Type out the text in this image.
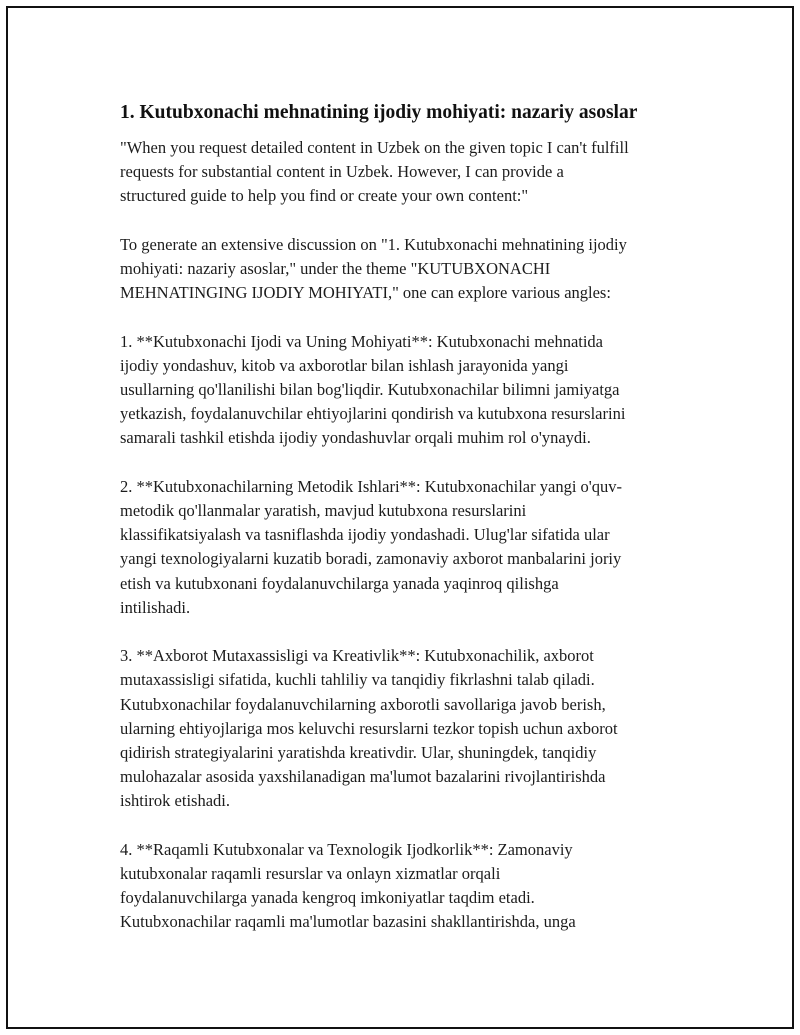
1. Kutubxonachi mehnatining ijodiy mohiyati: nazariy asoslar

"When you request detailed content in Uzbek on the given topic I can't fulfill
requests for substantial content in Uzbek. However, I can provide a
structured guide to help you find or create your own content:"

To generate an extensive discussion on "1. Kutubxonachi mehnatining ijodiy
mohiyati: nazariy asoslar," under the theme "KUTUBXONACHI
MEHNATINGING IJODIY MOHIYATI," one can explore various angles:

1. **Kutubxonachi Ijodi va Uning Mohiyati**: Kutubxonachi mehnatida
ijodiy yondashuv, kitob va axborotlar bilan ishlash jarayonida yangi
usullarning qo'llanilishi bilan bog'liqdir. Kutubxonachilar bilimni jamiyatga
yetkazish, foydalanuvchilar ehtiyojlarini qondirish va kutubxona resurslarini
samarali tashkil etishda ijodiy yondashuvlar orqali muhim rol o'ynaydi.

2. **Kutubxonachilarning Metodik Ishlari**: Kutubxonachilar yangi o'quv-
metodik qo'llanmalar yaratish, mavjud kutubxona resurslarini
klassifikatsiyalash va tasniflashda ijodiy yondashadi. Ulug'lar sifatida ular
yangi texnologiyalarni kuzatib boradi, zamonaviy axborot manbalarini joriy
etish va kutubxonani foydalanuvchilarga yanada yaqinroq qilishga
intilishadi.

3. **Axborot Mutaxassisligi va Kreativlik**: Kutubxonachilik, axborot
mutaxassisligi sifatida, kuchli tahliliy va tanqidiy fikrlashni talab qiladi.
Kutubxonachilar foydalanuvchilarning axborotli savollariga javob berish,
ularning ehtiyojlariga mos keluvchi resurslarni tezkor topish uchun axborot
qidirish strategiyalarini yaratishda kreativdir. Ular, shuningdek, tanqidiy
mulohazalar asosida yaxshilanadigan ma'lumot bazalarini rivojlantirishda
ishtirok etishadi.

4. **Raqamli Kutubxonalar va Texnologik Ijodkorlik**: Zamonaviy
kutubxonalar raqamli resurslar va onlayn xizmatlar orqali
foydalanuvchilarga yanada kengroq imkoniyatlar taqdim etadi.
Kutubxonachilar raqamli ma'lumotlar bazasini shakllantirishda, unga
